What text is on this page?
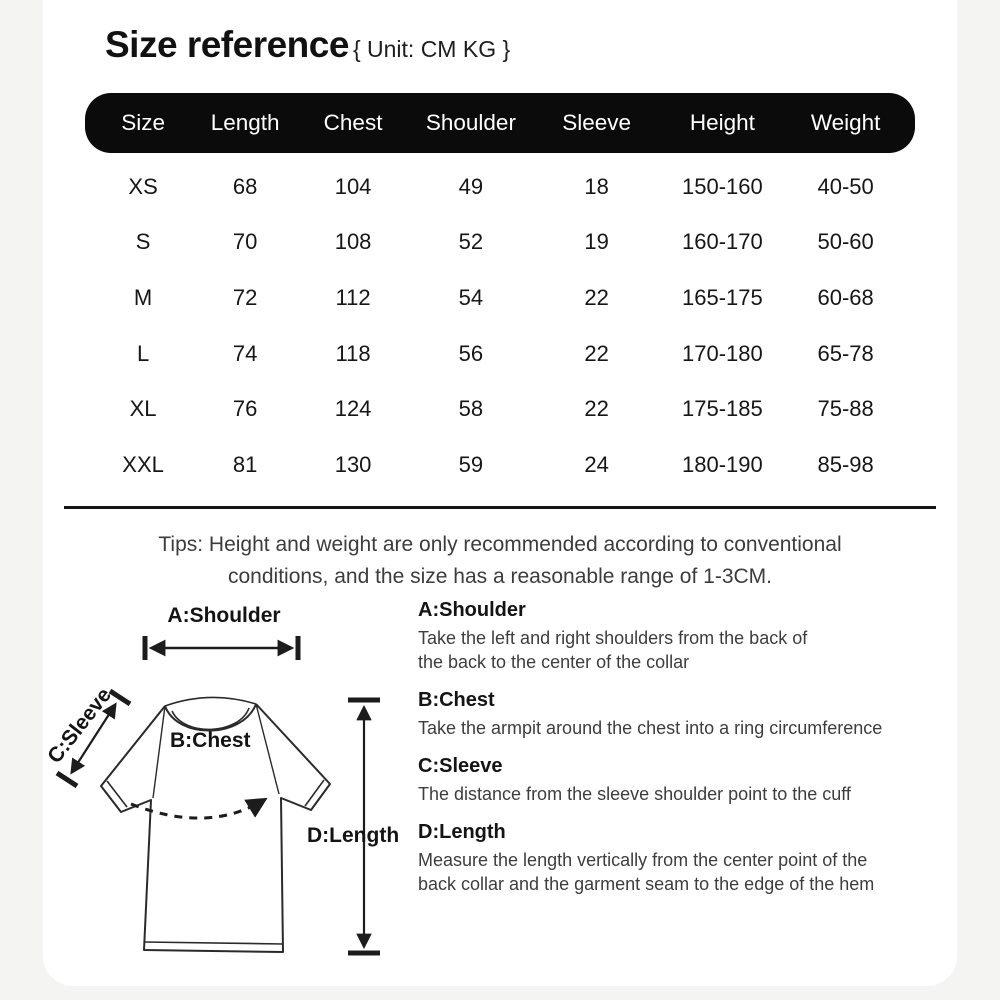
Size reference { Unit: CM KG }
Size	Length	Chest	Shoulder	Sleeve	Height	Weight
XS	68	104	49	18	150-160	40-50
S	70	108	52	19	160-170	50-60
M	72	112	54	22	165-175	60-68
L	74	118	56	22	170-180	65-78
XL	76	124	58	22	175-185	75-88
XXL	81	130	59	24	180-190	85-98
Tips: Height and weight are only recommended according to conventional
conditions, and the size has a reasonable range of 1-3CM.
A:Shoulder
C:Sleeve	B:Chest
D:Length
A:Shoulder
Take the left and right shoulders from the back of
the back to the center of the collar
B:Chest
Take the armpit around the chest into a ring circumference
C:Sleeve
The distance from the sleeve shoulder point to the cuff
D:Length
Measure the length vertically from the center point of the
back collar and the garment seam to the edge of the hem
